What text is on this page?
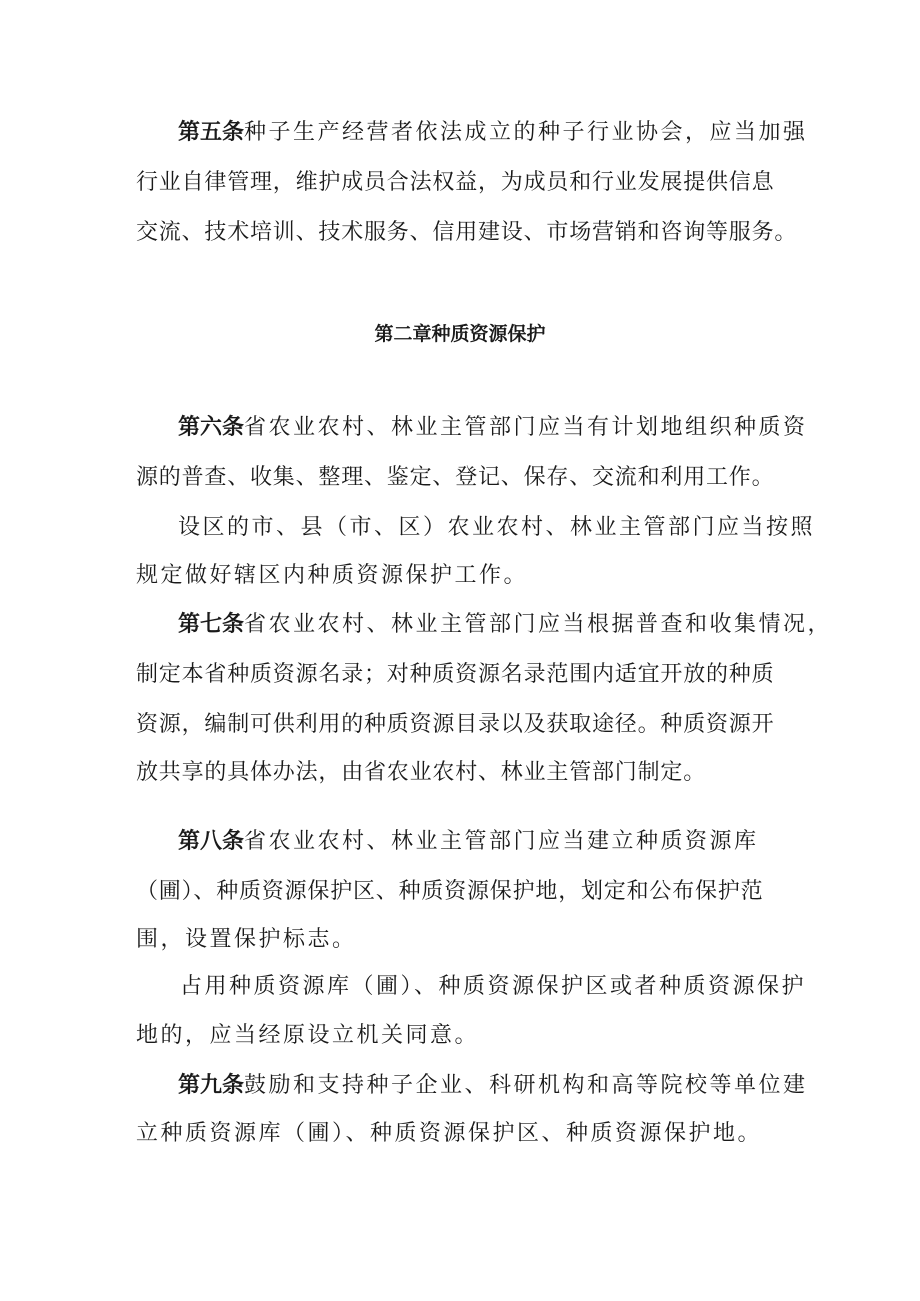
第五条种子生产经营者依法成立的种子行业协会，应当加强
行业自律管理，维护成员合法权益，为成员和行业发展提供信息
交流、技术培训、技术服务、信用建设、市场营销和咨询等服务。
第二章种质资源保护
第六条省农业农村、林业主管部门应当有计划地组织种质资
源的普查、收集、整理、鉴定、登记、保存、交流和利用工作。
设区的市、县（市、区）农业农村、林业主管部门应当按照
规定做好辖区内种质资源保护工作。
第七条省农业农村、林业主管部门应当根据普查和收集情况，
制定本省种质资源名录；对种质资源名录范围内适宜开放的种质
资源，编制可供利用的种质资源目录以及获取途径。种质资源开
放共享的具体办法，由省农业农村、林业主管部门制定。
第八条省农业农村、林业主管部门应当建立种质资源库
（圃）、种质资源保护区、种质资源保护地，划定和公布保护范
围，设置保护标志。
占用种质资源库（圃）、种质资源保护区或者种质资源保护
地的，应当经原设立机关同意。
第九条鼓励和支持种子企业、科研机构和高等院校等单位建
立种质资源库（圃）、种质资源保护区、种质资源保护地。
